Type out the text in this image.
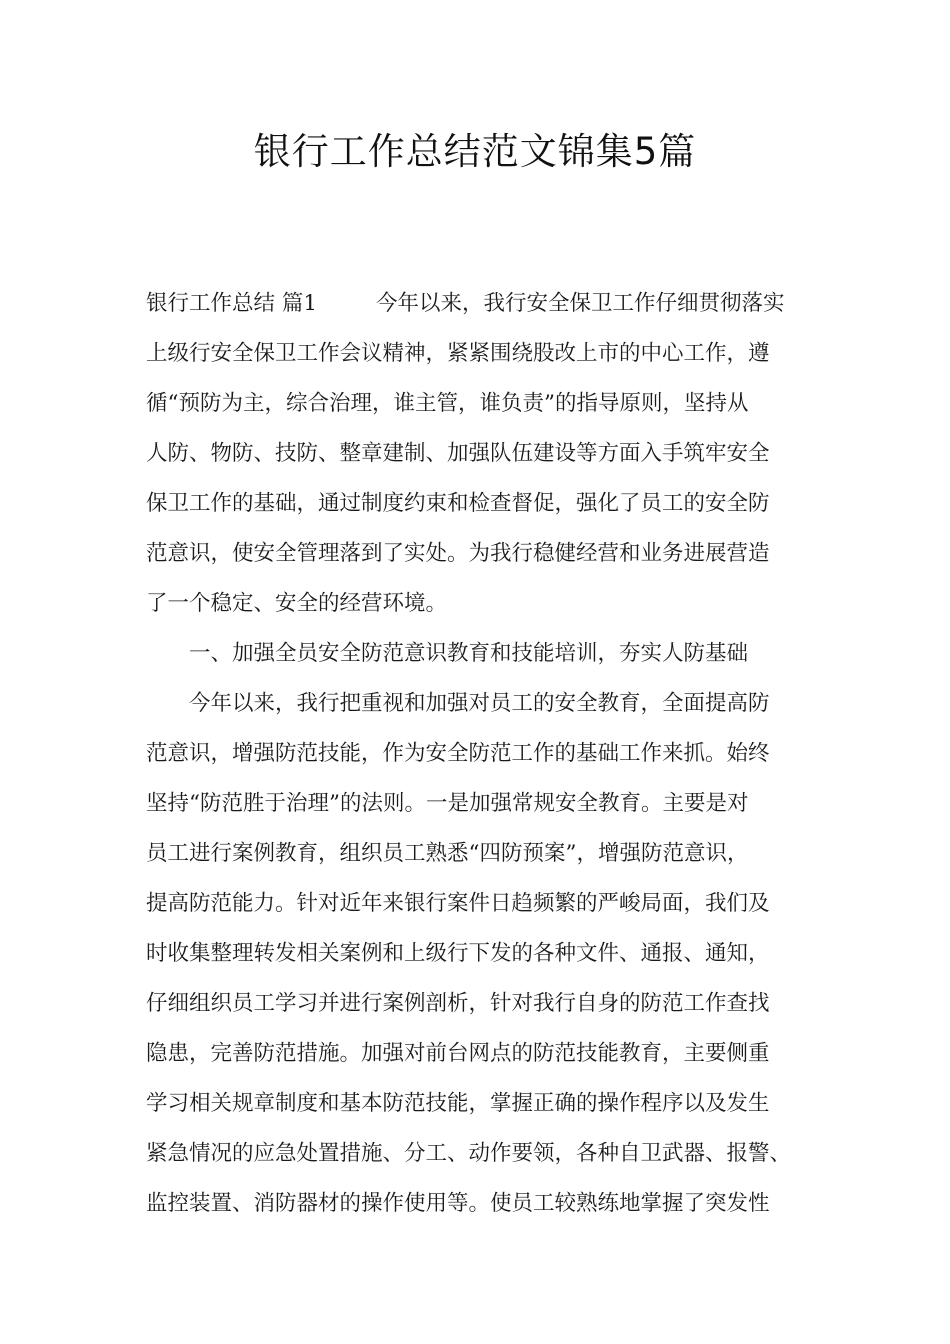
银行工作总结范文锦集5篇
银行工作总结 篇1	今年以来，我行安全保卫工作仔细贯彻落实
上级行安全保卫工作会议精神，紧紧围绕股改上市的中心工作，遵
循“预防为主，综合治理，谁主管，谁负责”的指导原则，坚持从
人防、物防、技防、整章建制、加强队伍建设等方面入手筑牢安全
保卫工作的基础，通过制度约束和检查督促，强化了员工的安全防
范意识，使安全管理落到了实处。为我行稳健经营和业务进展营造
了一个稳定、安全的经营环境。
一、加强全员安全防范意识教育和技能培训，夯实人防基础
今年以来，我行把重视和加强对员工的安全教育，全面提高防
范意识，增强防范技能，作为安全防范工作的基础工作来抓。始终
坚持“防范胜于治理”的法则。一是加强常规安全教育。主要是对
员工进行案例教育，组织员工熟悉“四防预案”，增强防范意识，
提高防范能力。针对近年来银行案件日趋频繁的严峻局面，我们及
时收集整理转发相关案例和上级行下发的各种文件、通报、通知，
仔细组织员工学习并进行案例剖析，针对我行自身的防范工作查找
隐患，完善防范措施。加强对前台网点的防范技能教育，主要侧重
学习相关规章制度和基本防范技能，掌握正确的操作程序以及发生
紧急情况的应急处置措施、分工、动作要领，各种自卫武器、报警、
监控装置、消防器材的操作使用等。使员工较熟练地掌握了突发性
